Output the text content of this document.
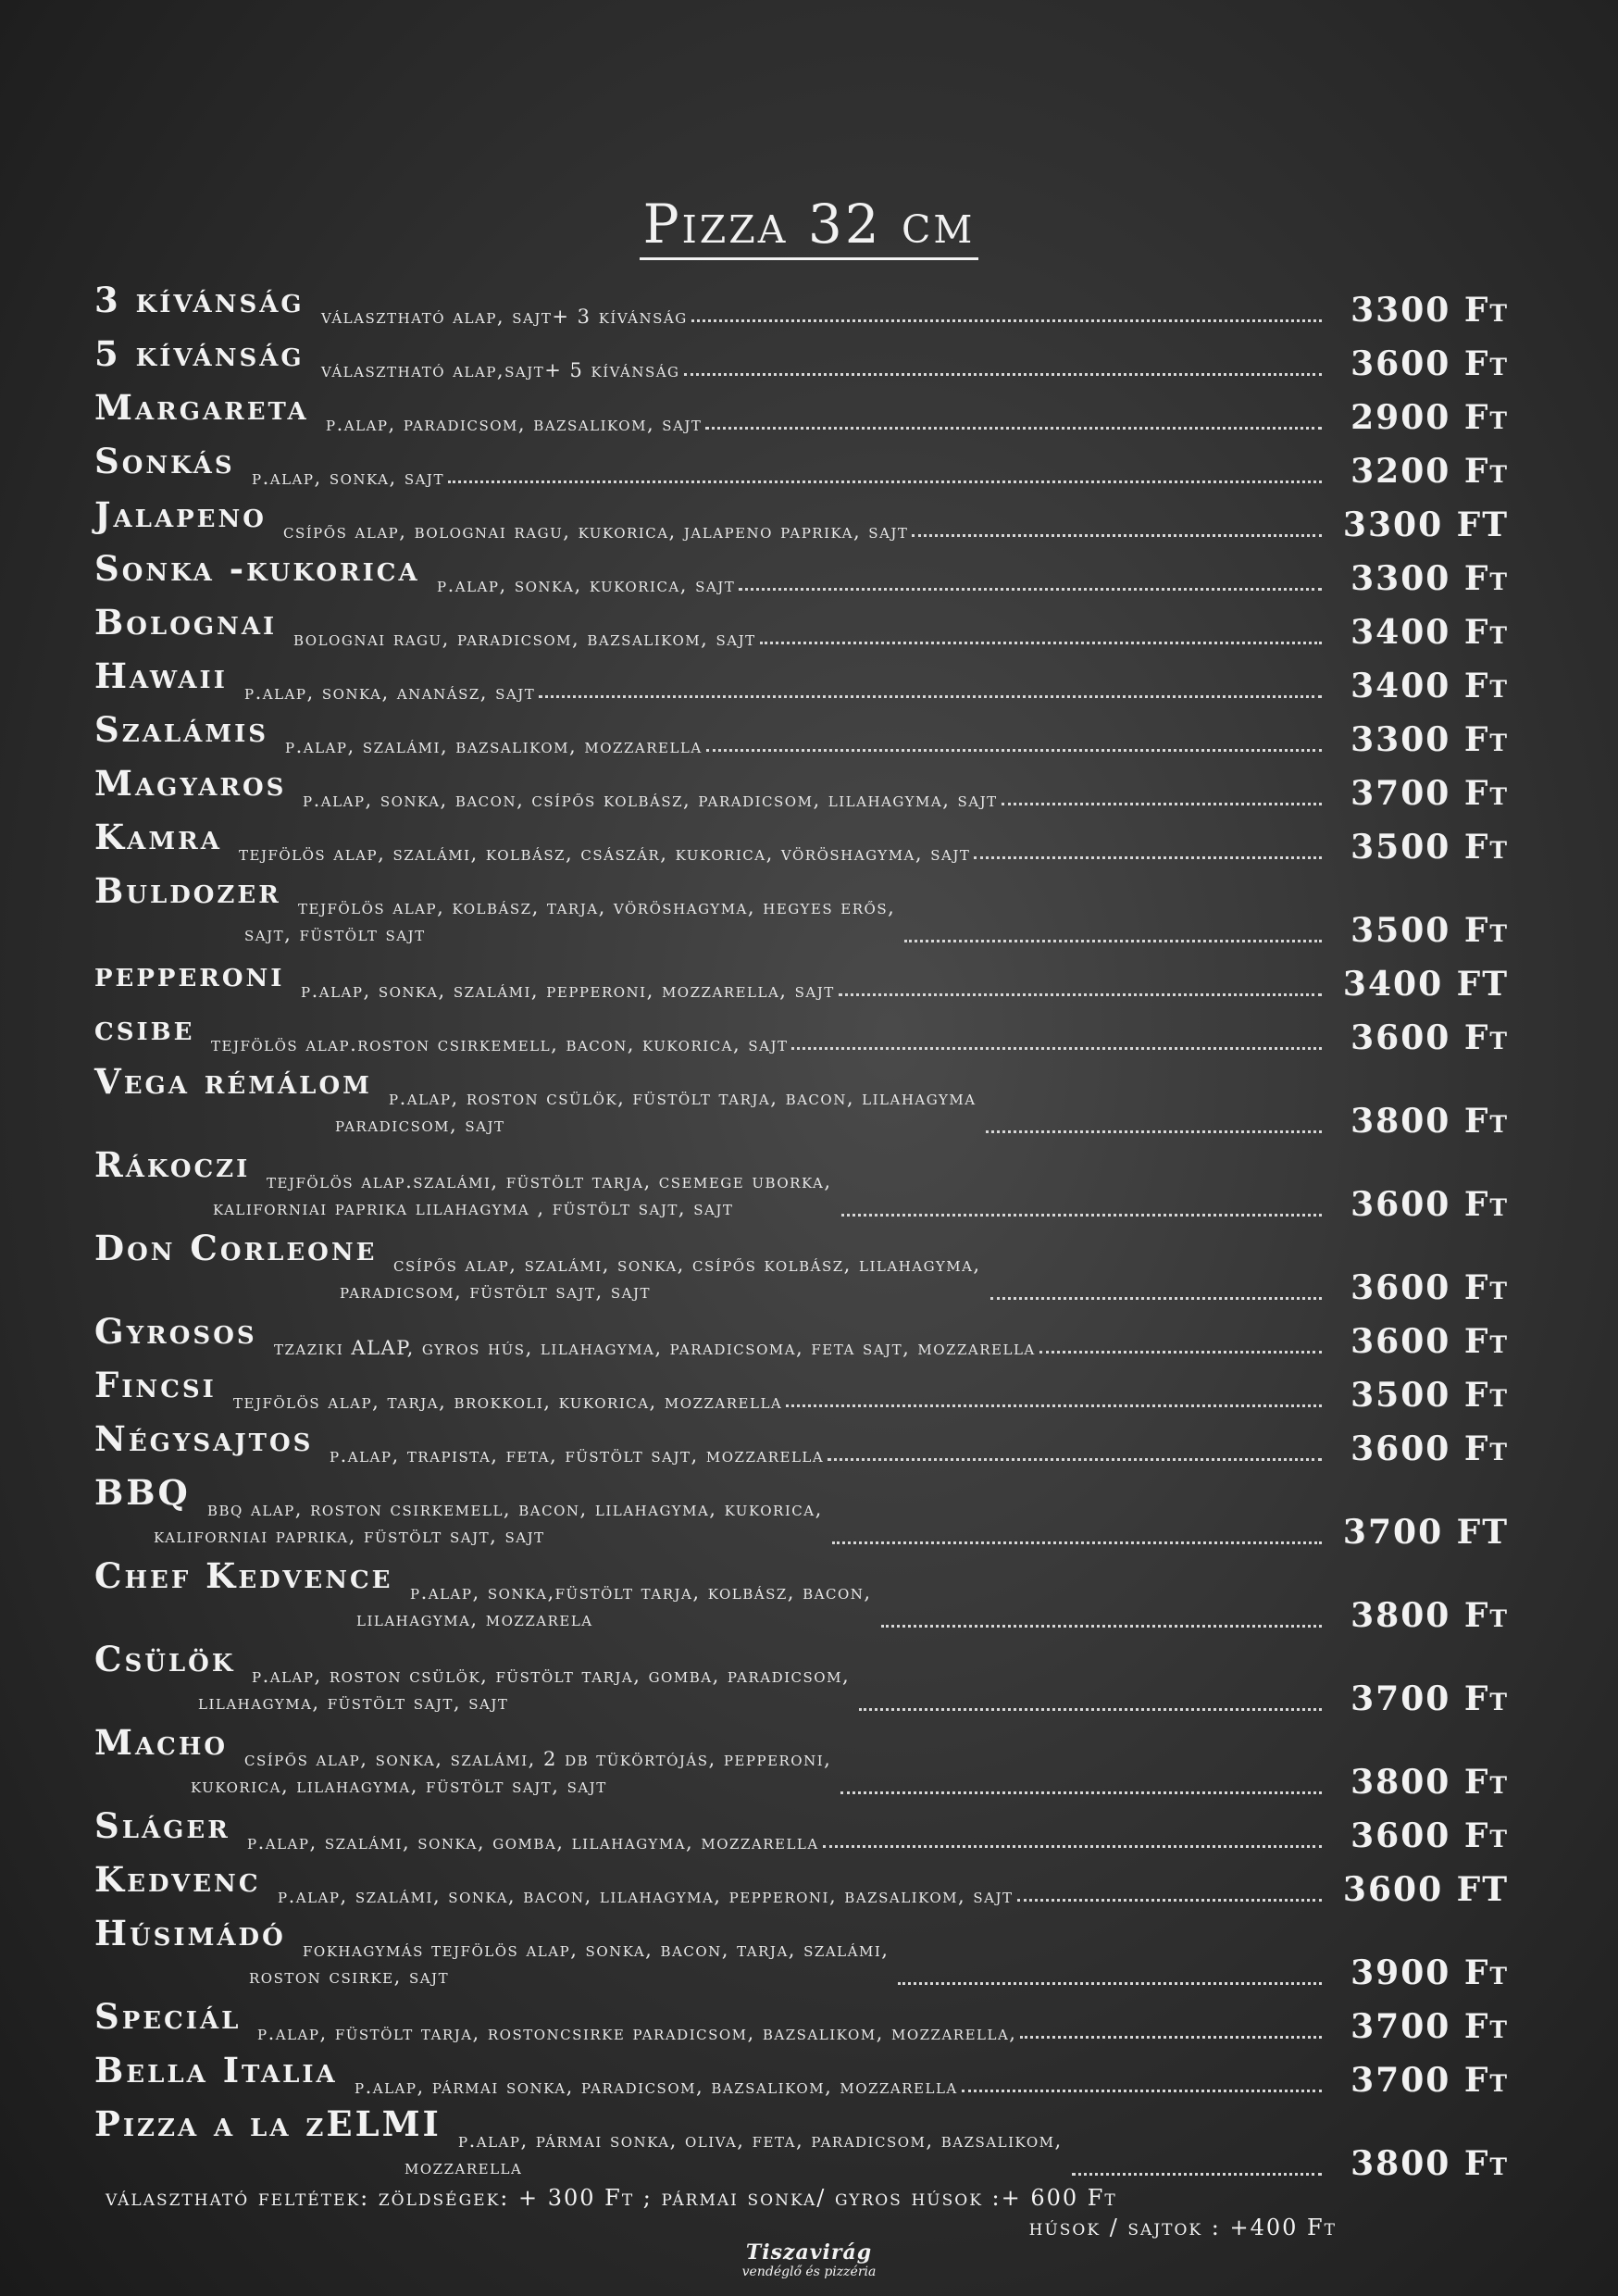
Pizza 32 cm
3 kívánság választható alap, sajt+ 3 kívánság	3300 Ft
5 kívánság választható alap,sajt+ 5 kívánság	3600 Ft
Margareta p.alap, paradicsom, bazsalikom, sajt	2900 Ft
Sonkás p.alap, sonka, sajt	3200 Ft
Jalapeno csípős alap, bolognai ragu, kukorica, jalapeno paprika, sajt	3300 FT
Sonka -kukorica p.alap, sonka, kukorica, sajt	3300 Ft
Bolognai bolognai ragu, paradicsom, bazsalikom, sajt	3400 Ft
Hawaii p.alap, sonka, ananász, sajt	3400 Ft
Szalámis p.alap, szalámi, bazsalikom, mozzarella	3300 Ft
Magyaros p.alap, sonka, bacon, csípős kolbász, paradicsom, lilahagyma, sajt	3700 Ft
Kamra tejfölös alap, szalámi, kolbász, császár, kukorica, vöröshagyma, sajt	3500 Ft
Buldozer tejfölös alap, kolbász, tarja, vöröshagyma, hegyes erős,
sajt, füstölt sajt	3500 Ft
pepperoni p.alap, sonka, szalámi, pepperoni, mozzarella, sajt	3400 FT
csibe tejfölös alap.roston csirkemell, bacon, kukorica, sajt	3600 Ft
Vega rémálom p.alap, roston csülök, füstölt tarja, bacon, lilahagyma
paradicsom, sajt	3800 Ft
Rákoczi tejfölös alap.szalámi, füstölt tarja, csemege uborka,
kaliforniai paprika lilahagyma , füstölt sajt, sajt	3600 Ft
Don Corleone csípős alap, szalámi, sonka, csípős kolbász, lilahagyma,
paradicsom, füstölt sajt, sajt	3600 Ft
Gyrosos tzaziki ALAP, gyros hús, lilahagyma, paradicsoma, feta sajt, mozzarella	3600 Ft
Fincsi tejfölös alap, tarja, brokkoli, kukorica, mozzarella	3500 Ft
Négysajtos p.alap, trapista, feta, füstölt sajt, mozzarella	3600 Ft
BBQ bbq alap, roston csirkemell, bacon, lilahagyma, kukorica,
kaliforniai paprika, füstölt sajt, sajt	3700 FT
Chef Kedvence p.alap, sonka,füstölt tarja, kolbász, bacon,
lilahagyma, mozzarela	3800 Ft
Csülök p.alap, roston csülök, füstölt tarja, gomba, paradicsom,
lilahagyma, füstölt sajt, sajt	3700 Ft
Macho csípős alap, sonka, szalámi, 2 db tükörtójás, pepperoni,
kukorica, lilahagyma, füstölt sajt, sajt	3800 Ft
Sláger p.alap, szalámi, sonka, gomba, lilahagyma, mozzarella	3600 Ft
Kedvenc p.alap, szalámi, sonka, bacon, lilahagyma, pepperoni, bazsalikom, sajt	3600 FT
Húsimádó fokhagymás tejfölös alap, sonka, bacon, tarja, szalámi,
roston csirke, sajt	3900 Ft
Speciál p.alap, füstölt tarja, rostoncsirke paradicsom, bazsalikom, mozzarella,	3700 Ft
Bella Italia p.alap, pármai sonka, paradicsom, bazsalikom, mozzarella	3700 Ft
Pizza a la zELMI p.alap, pármai sonka, oliva, feta, paradicsom, bazsalikom,
mozzarella	3800 Ft
választható feltétek: zöldségek: + 300 Ft ; pármai sonka/ gyros húsok :+ 600 Ft
húsok / sajtok : +400 Ft
Tiszavirág
vendéglő és pizzéria
